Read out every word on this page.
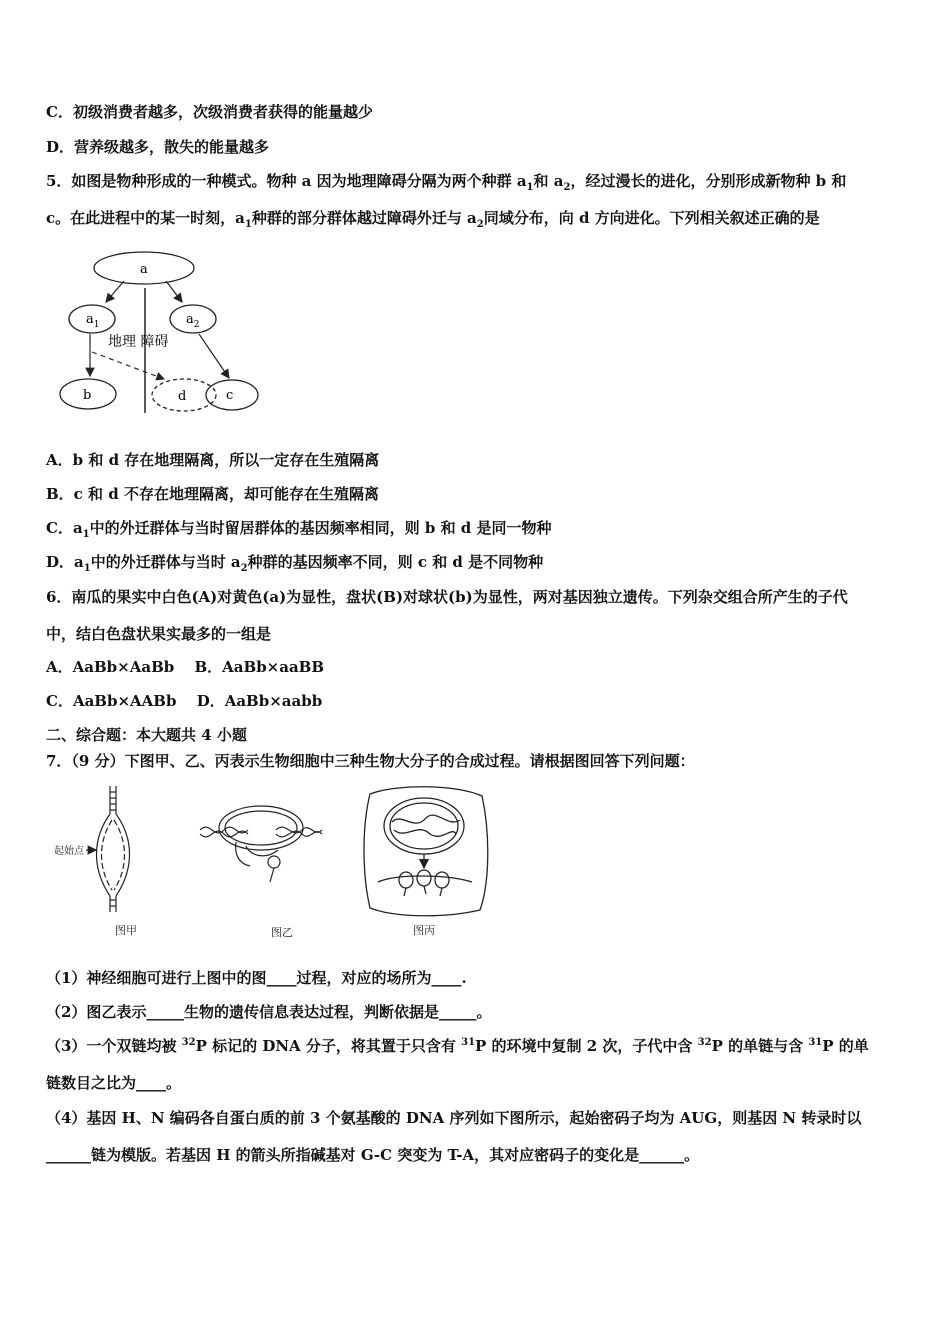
C．初级消费者越多，次级消费者获得的能量越少
D．营养级越多，散失的能量越多
5．如图是物种形成的一种模式。物种 a 因为地理障碍分隔为两个种群 $a_1$和 $a_2$，经过漫长的进化，分别形成新物种 b 和
c。在此进程中的某一时刻，$a_1$种群的部分群体越过障碍外迁与 $a_2$同域分布，向 d 方向进化。下列相关叙述正确的是
a
$a_1$	$a_2$
地理 障碍
b	d	c
A．b 和 d 存在地理隔离，所以一定存在生殖隔离
B．c 和 d 不存在地理隔离，却可能存在生殖隔离
C．$a_1$中的外迁群体与当时留居群体的基因频率相同，则 b 和 d 是同一物种
D．$a_1$中的外迁群体与当时 $a_2$种群的基因频率不同，则 c 和 d 是不同物种
6．南瓜的果实中白色(A)对黄色(a)为显性，盘状(B)对球状(b)为显性，两对基因独立遗传。下列杂交组合所产生的子代
中，结白色盘状果实最多的一组是
A．AaBb×AaBb　 B．AaBb×aaBB
C．AaBb×AABb　 D．AaBb×aabb
二、综合题：本大题共 4 小题
7．（9 分）下图甲、乙、丙表示生物细胞中三种生物大分子的合成过程。请根据图回答下列问题：
起始点
图甲	图乙	图丙
（1）神经细胞可进行上图中的图____过程，对应的场所为____.
（2）图乙表示_____生物的遗传信息表达过程，判断依据是_____。
（3）一个双链均被 $^{32}$P 标记的 DNA 分子，将其置于只含有 $^{31}$P 的环境中复制 2 次，子代中含 $^{32}$P 的单链与含 $^{31}$P 的单
链数目之比为____。
（4）基因 H、N 编码各自蛋白质的前 3 个氨基酸的 DNA 序列如下图所示，起始密码子均为 AUG，则基因 N 转录时以
______链为模版。若基因 H 的箭头所指碱基对 G-C 突变为 T-A，其对应密码子的变化是______。
